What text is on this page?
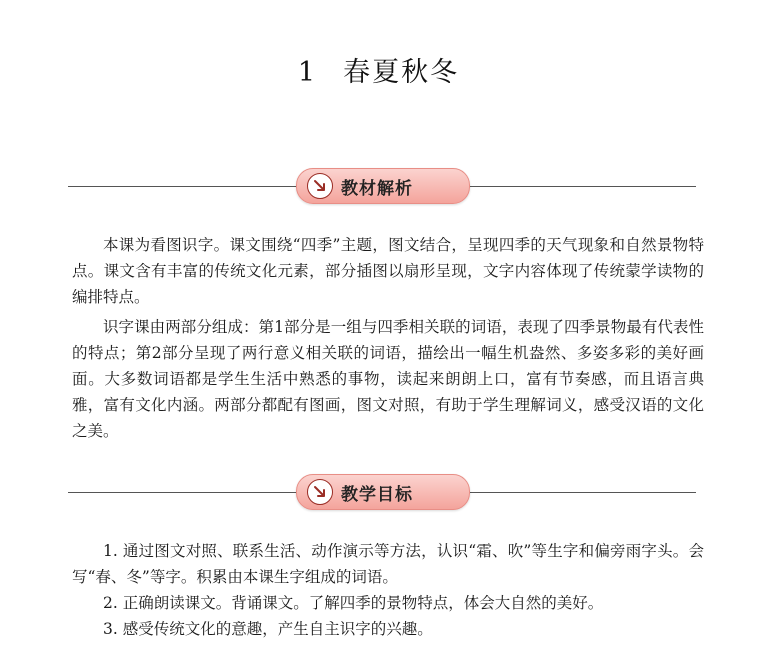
1 春夏秋冬
教材解析

本课为看图识字。课文围绕“四季”主题，图文结合，呈现四季的天气现象和自然景物特点。课文含有丰富的传统文化元素，部分插图以扇形呈现，文字内容体现了传统蒙学读物的编排特点。

识字课由两部分组成：第1部分是一组与四季相关联的词语，表现了四季景物最有代表性的特点；第2部分呈现了两行意义相关联的词语，描绘出一幅生机盎然、多姿多彩的美好画面。大多数词语都是学生生活中熟悉的事物，读起来朗朗上口，富有节奏感，而且语言典雅，富有文化内涵。两部分都配有图画，图文对照，有助于学生理解词义，感受汉语的文化之美。

教学目标
1. 通过图文对照、联系生活、动作演示等方法，认识“霜、吹”等生字和偏旁雨字头。会写“春、冬”等字。积累由本课生字组成的词语。
2. 正确朗读课文。背诵课文。了解四季的景物特点，体会大自然的美好。
3. 感受传统文化的意趣，产生自主识字的兴趣。
